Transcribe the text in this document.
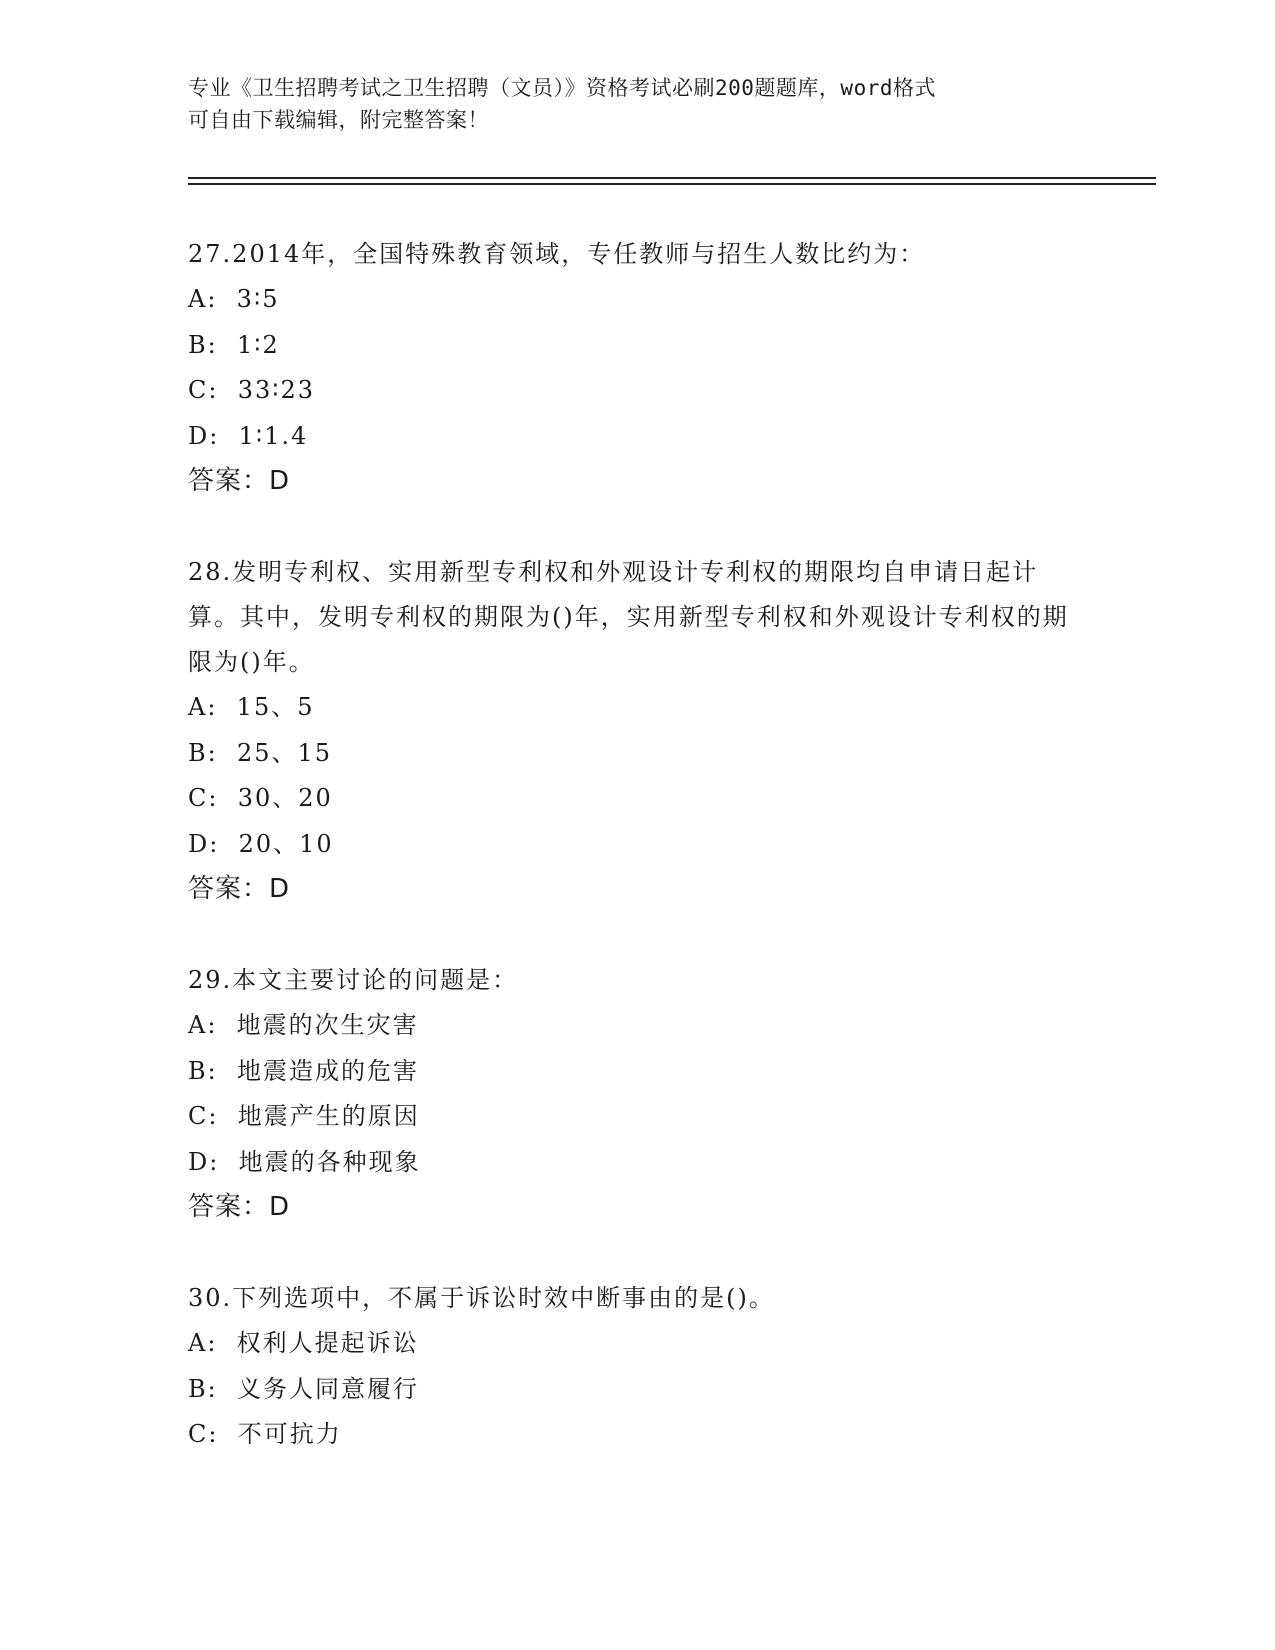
专业《卫生招聘考试之卫生招聘（文员）》资格考试必刷200题题库，word格式
可自由下载编辑，附完整答案！
27.2014年，全国特殊教育领域，专任教师与招生人数比约为：
A:  3∶5
B:  1∶2
C:  33∶23
D:  1∶1.4
答案：D
28.发明专利权、实用新型专利权和外观设计专利权的期限均自申请日起计算。其中，发明专利权的期限为()年，实用新型专利权和外观设计专利权的期限为()年。
A:  15、5
B:  25、15
C:  30、20
D:  20、10
答案：D
29.本文主要讨论的问题是：
A:  地震的次生灾害
B:  地震造成的危害
C:  地震产生的原因
D:  地震的各种现象
答案：D
30.下列选项中，不属于诉讼时效中断事由的是()。
A:  权利人提起诉讼
B:  义务人同意履行
C:  不可抗力
